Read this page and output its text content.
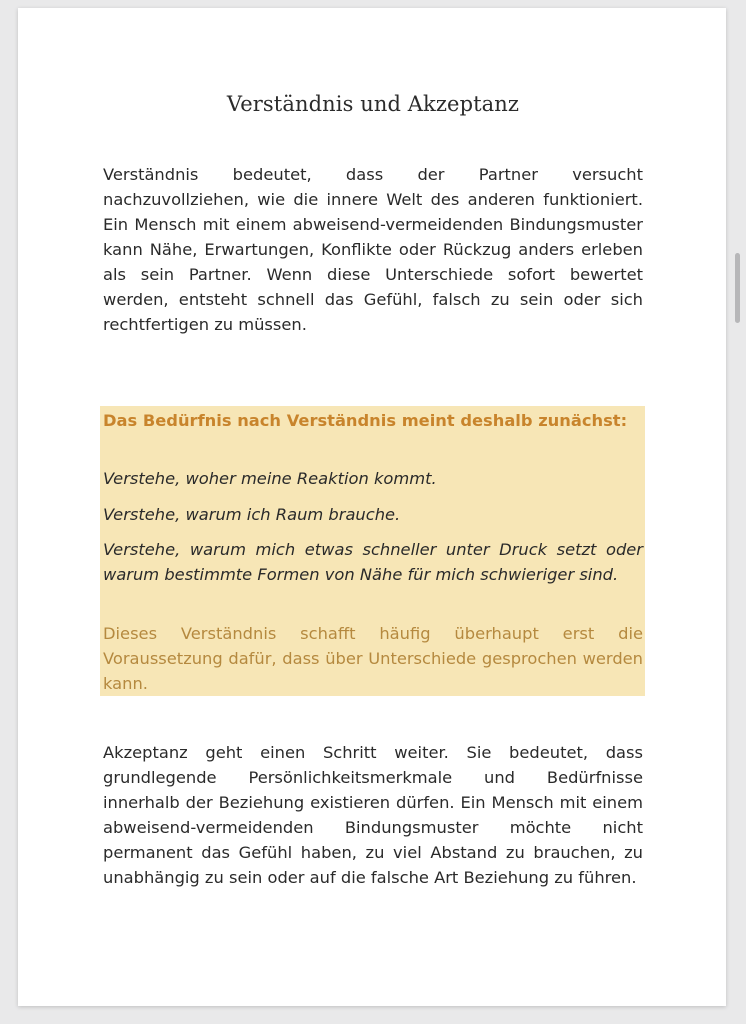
Verständnis und Akzeptanz

Verständnis bedeutet, dass der Partner versucht nachzuvollziehen, wie die innere Welt des anderen funktioniert. Ein Mensch mit einem abweisend-vermeidenden Bindungsmuster kann Nähe, Erwartungen, Konflikte oder Rückzug anders erleben als sein Partner. Wenn diese Unterschiede sofort bewertet werden, entsteht schnell das Gefühl, falsch zu sein oder sich rechtfertigen zu müssen.

Das Bedürfnis nach Verständnis meint deshalb zunächst:

Verstehe, woher meine Reaktion kommt.

Verstehe, warum ich Raum brauche.

Verstehe, warum mich etwas schneller unter Druck setzt oder warum bestimmte Formen von Nähe für mich schwieriger sind.

Dieses Verständnis schafft häufig überhaupt erst die Voraussetzung dafür, dass über Unterschiede gesprochen werden kann.

Akzeptanz geht einen Schritt weiter. Sie bedeutet, dass grundlegende Persönlichkeitsmerkmale und Bedürfnisse innerhalb der Beziehung existieren dürfen. Ein Mensch mit einem abweisend-vermeidenden Bindungsmuster möchte nicht permanent das Gefühl haben, zu viel Abstand zu brauchen, zu unabhängig zu sein oder auf die falsche Art Beziehung zu führen.
